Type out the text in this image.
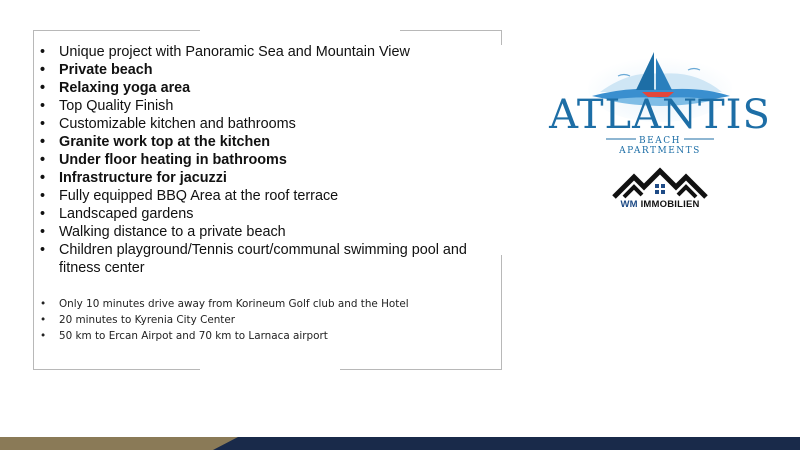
• Unique project with Panoramic Sea and Mountain View
• Private beach
• Relaxing yoga area
• Top Quality Finish
• Customizable kitchen and bathrooms
• Granite work top at the kitchen
• Under floor heating in bathrooms
• Infrastructure for jacuzzi
• Fully equipped BBQ Area at the roof terrace
• Landscaped gardens
• Walking distance to a private beach
• Children playground/Tennis court/communal swimming pool and fitness center
• Only 10 minutes drive away from Korineum Golf club and the Hotel
• 20 minutes to Kyrenia City Center
• 50 km to Ercan Airpot and 70 km to Larnaca airport
ATLANTIS
BEACH APARTMENTS
WM IMMOBILIEN
